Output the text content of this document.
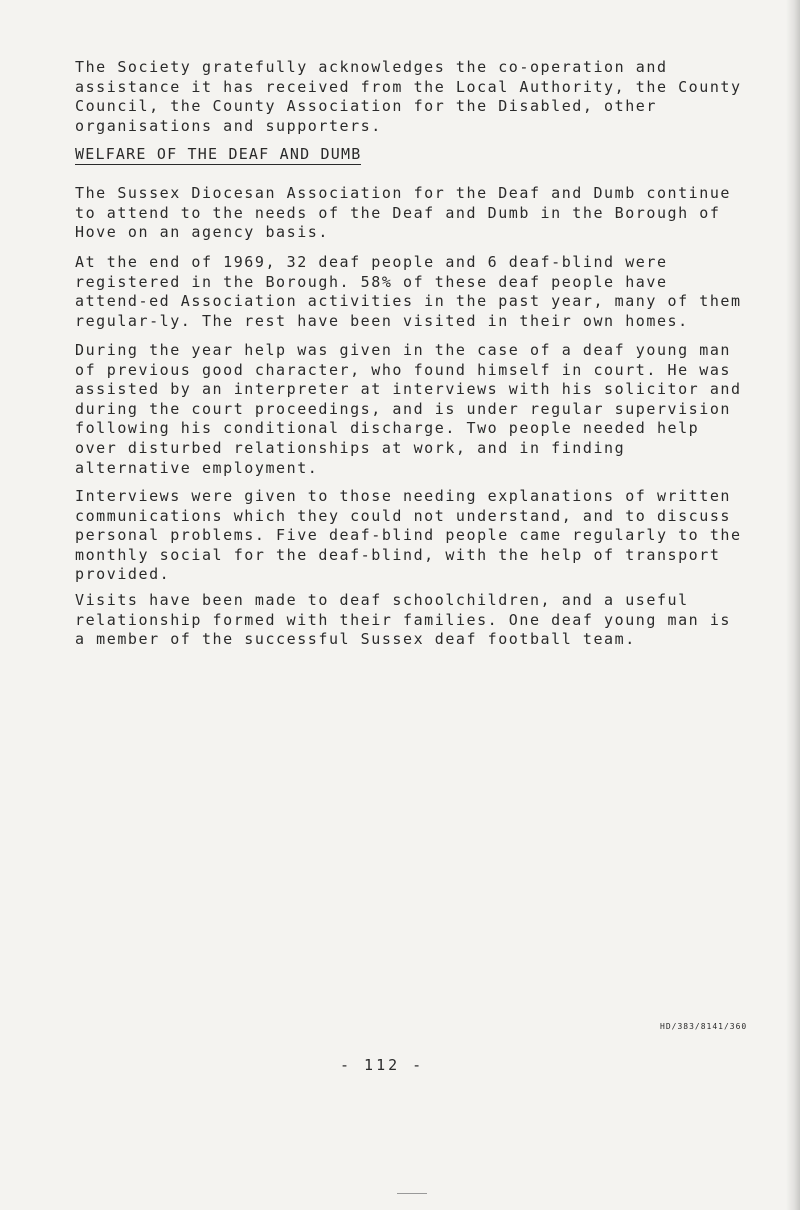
The Society gratefully acknowledges the co-operation and assistance it has received from the Local Authority, the County Council, the County Association for the Disabled, other organisations and supporters.

WELFARE OF THE DEAF AND DUMB

The Sussex Diocesan Association for the Deaf and Dumb continue to attend to the needs of the Deaf and Dumb in the Borough of Hove on an agency basis.

At the end of 1969, 32 deaf people and 6 deaf-blind were registered in the Borough. 58% of these deaf people have attend-ed Association activities in the past year, many of them regular-ly. The rest have been visited in their own homes.

During the year help was given in the case of a deaf young man of previous good character, who found himself in court. He was assisted by an interpreter at interviews with his solicitor and during the court proceedings, and is under regular supervision following his conditional discharge. Two people needed help over disturbed relationships at work, and in finding alternative employment.

Interviews were given to those needing explanations of written communications which they could not understand, and to discuss personal problems. Five deaf-blind people came regularly to the monthly social for the deaf-blind, with the help of transport provided.

Visits have been made to deaf schoolchildren, and a useful relationship formed with their families. One deaf young man is a member of the successful Sussex deaf football team.

HD/383/8141/360
- 112 -
